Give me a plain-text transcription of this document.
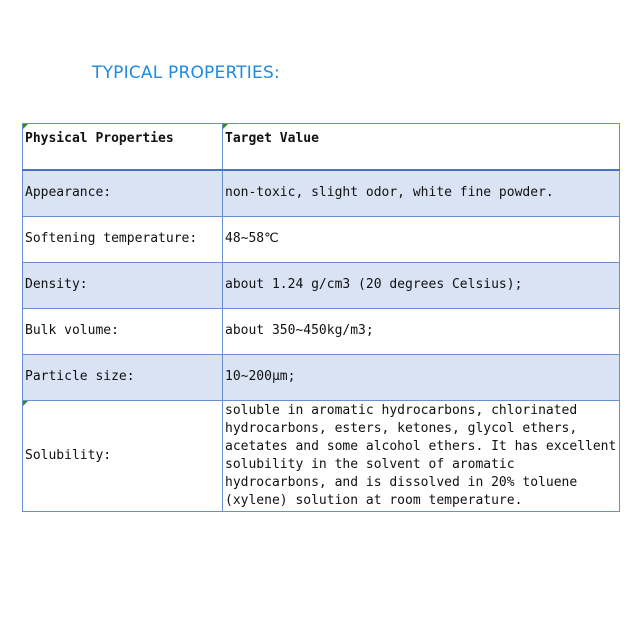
TYPICAL PROPERTIES:
Physical Properties	Target Value
Appearance:	non-toxic, slight odor, white fine powder.
Softening temperature:	48~58℃
Density:	about 1.24 g/cm3 (20 degrees Celsius);
Bulk volume:	about 350~450kg/m3;
Particle size:	10~200μm;

Solubility:	soluble in aromatic hydrocarbons, chlorinated hydrocarbons, esters, ketones, glycol ethers, acetates and some alcohol ethers. It has excellent solubility in the solvent of aromatic hydrocarbons, and is dissolved in 20% toluene (xylene) solution at room temperature.
